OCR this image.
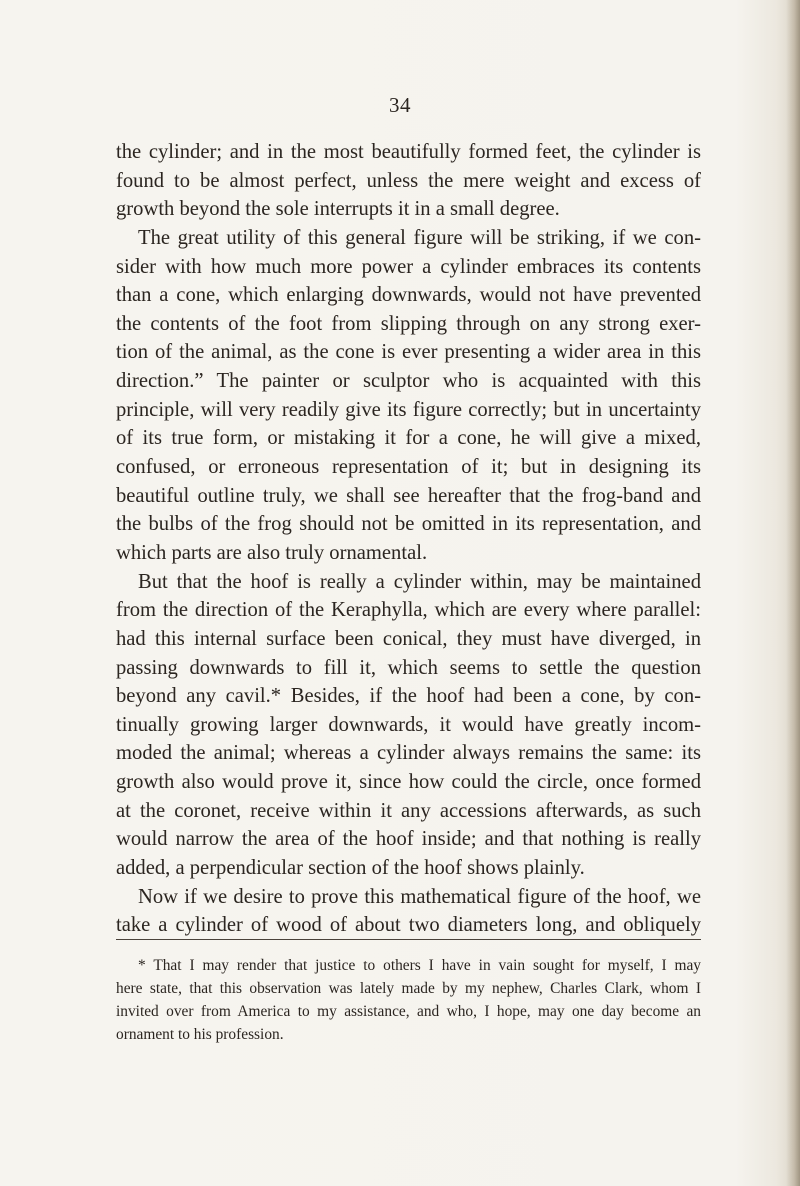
34
the cylinder; and in the most beautifully formed feet, the cylinder is
found to be almost perfect, unless the mere weight and excess of
growth beyond the sole interrupts it in a small degree.
The great utility of this general figure will be striking, if we con-
sider with how much more power a cylinder embraces its contents
than a cone, which enlarging downwards, would not have prevented
the contents of the foot from slipping through on any strong exer-
tion of the animal, as the cone is ever presenting a wider area in this
direction.” The painter or sculptor who is acquainted with this
principle, will very readily give its figure correctly; but in uncertainty
of its true form, or mistaking it for a cone, he will give a mixed,
confused, or erroneous representation of it; but in designing its
beautiful outline truly, we shall see hereafter that the frog-band and
the bulbs of the frog should not be omitted in its representation, and
which parts are also truly ornamental.
But that the hoof is really a cylinder within, may be maintained
from the direction of the Keraphylla, which are every where parallel:
had this internal surface been conical, they must have diverged, in
passing downwards to fill it, which seems to settle the question
beyond any cavil.* Besides, if the hoof had been a cone, by con-
tinually growing larger downwards, it would have greatly incom-
moded the animal; whereas a cylinder always remains the same: its
growth also would prove it, since how could the circle, once formed
at the coronet, receive within it any accessions afterwards, as such
would narrow the area of the hoof inside; and that nothing is really
added, a perpendicular section of the hoof shows plainly.
Now if we desire to prove this mathematical figure of the hoof, we
take a cylinder of wood of about two diameters long, and obliquely
* That I may render that justice to others I have in vain sought for myself, I may
here state, that this observation was lately made by my nephew, Charles Clark, whom I
invited over from America to my assistance, and who, I hope, may one day become an
ornament to his profession.
